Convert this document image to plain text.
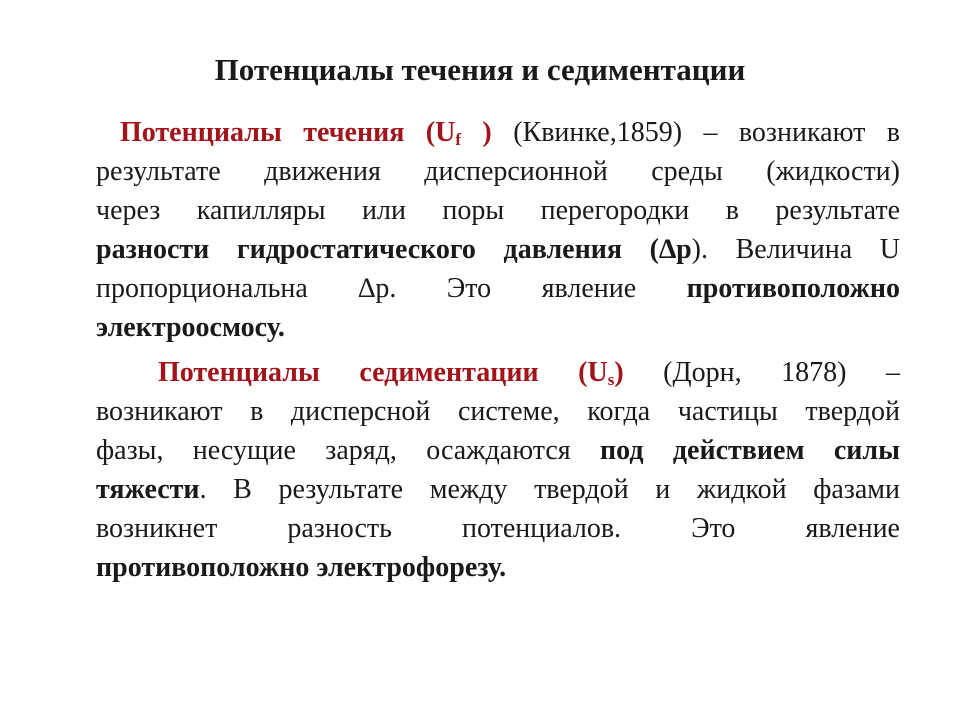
Потенциалы течения и седиментации
Потенциалы течения ($U_f$ ) (Квинке,1859) – возникают в
результате движения дисперсионной среды (жидкости)
через капилляры или поры перегородки в результате
разности гидростатического давления (∆р). Величина U
пропорциональна ∆р. Это явление противоположно
электроосмосу.
Потенциалы седиментации $(U_s)$ (Дорн, 1878) –
возникают в дисперсной системе, когда частицы твердой
фазы, несущие заряд, осаждаются под действием силы
тяжести. В результате между твердой и жидкой фазами
возникнет разность потенциалов. Это явление
противоположно электрофорезу.
